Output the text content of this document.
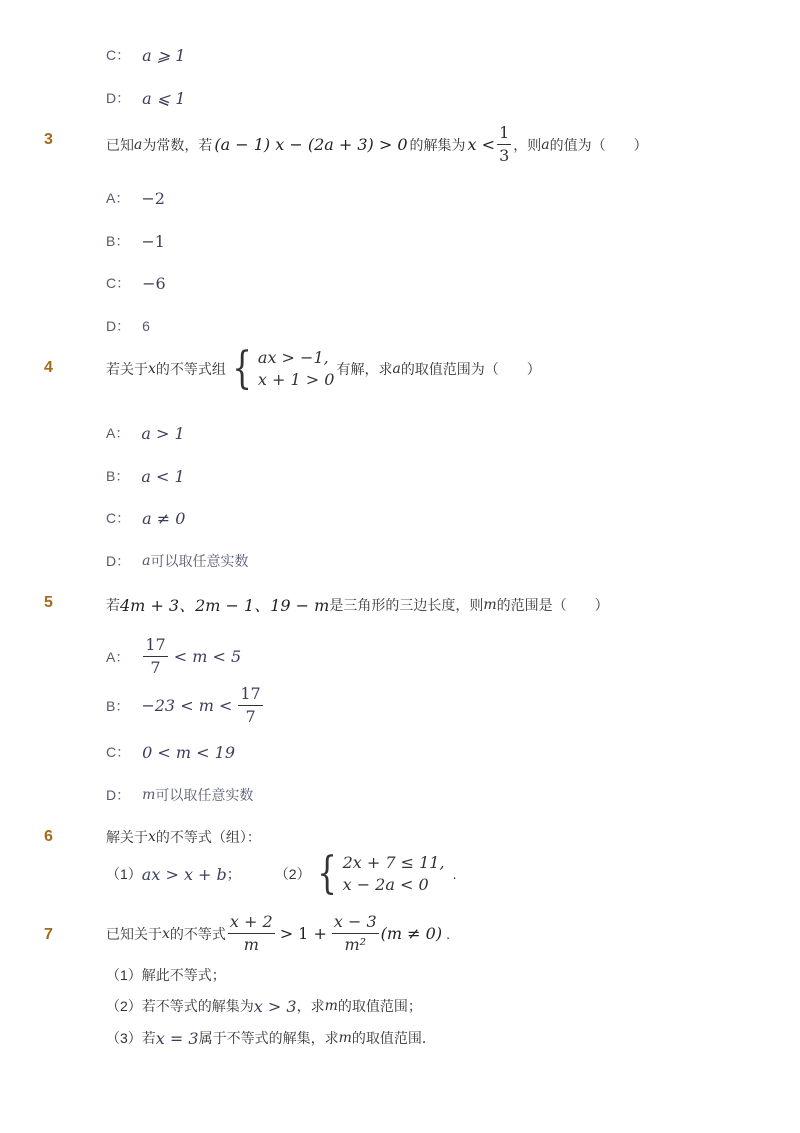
C： a ⩾ 1
D： a ⩽ 1
3	已知 a 为常数，若 (a − 1) x − (2a + 3) > 0 的解集为 $x < \frac{1}{3}$ ，则 a 的值为（　　）
A： −2
B： −1
C： −6
D： 6
4	若关于 x 的不等式组 { ax > −1,
x + 1 > 0
有解，求 a 的取值范围为（　　）
A： a > 1
B： a < 1
C： a ≠ 0
D： a 可以取任意实数
5	若 4m + 3、2m − 1、19 − m 是三角形的三边长度，则 m 的范围是（　　）
A： $\frac{17}{7} < m < 5$
B： $-23 < m < \frac{17}{7}$
C： 0 < m < 19
D： m 可以取任意实数
6	解关于 x 的不等式（组）：
（1） ax > x + b ； （2） { 2x + 7 ≤ 11,
x − 2a < 0
.
7	已知关于 x 的不等式 $\frac{x + 2}{m} > 1 + \frac{x - 3}{\text{m²}} (m \ne 0)$ .
（1）解此不等式；
（2）若不等式的解集为 x > 3 ，求 m 的取值范围；
（3）若 x = 3 属于不等式的解集，求 m 的取值范围．
